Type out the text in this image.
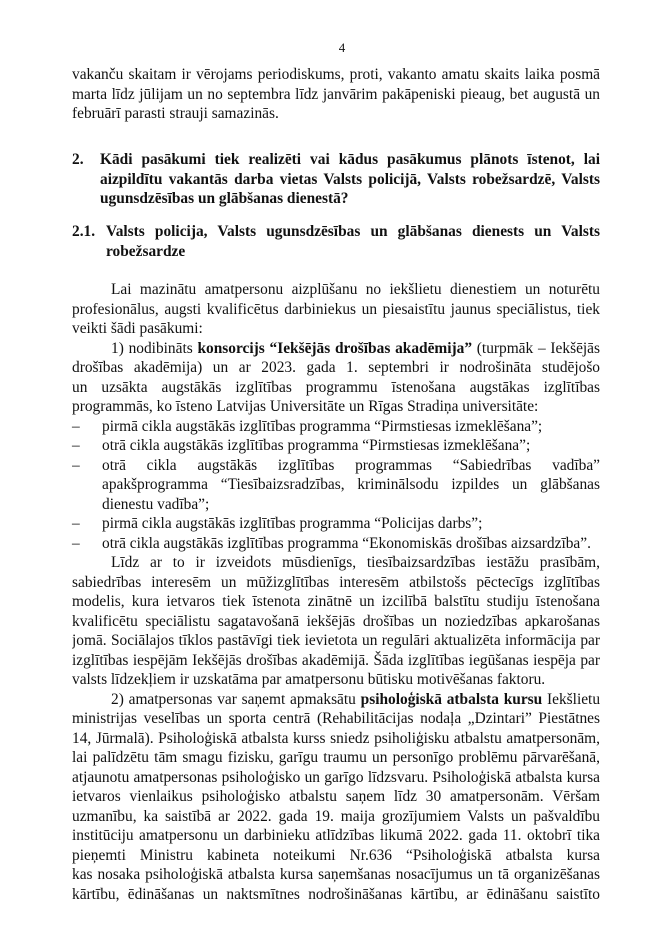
4
vakanču skaitam ir vērojams periodiskums, proti, vakanto amatu skaits laika posmā
marta līdz jūlijam un no septembra līdz janvārim pakāpeniski pieaug, bet augustā un
februārī parasti strauji samazinās.
2.	Kādi pasākumi tiek realizēti vai kādus pasākumus plānots īstenot, lai
aizpildītu vakantās darba vietas Valsts policijā, Valsts robežsardzē, Valsts
ugunsdzēsības un glābšanas dienestā?
2.1. Valsts policija, Valsts ugunsdzēsības un glābšanas dienests un Valsts
robežsardze
Lai mazinātu amatpersonu aizplūšanu no iekšlietu dienestiem un noturētu
profesionālus, augsti kvalificētus darbiniekus un piesaistītu jaunus speciālistus, tiek
veikti šādi pasākumi:
1) nodibināts konsorcijs “Iekšējās drošības akadēmija” (turpmāk – Iekšējās
drošības akadēmija) un ar 2023. gada 1. septembri ir nodrošināta studējošo
un uzsākta augstākās izglītības programmu īstenošana augstākas izglītības
programmās, ko īsteno Latvijas Universitāte un Rīgas Stradiņa universitāte:
– pirmā cikla augstākās izglītības programma “Pirmstiesas izmeklēšana”;
– otrā cikla augstākās izglītības programma “Pirmstiesas izmeklēšana”;
– otrā cikla augstākās izglītības programmas “Sabiedrības vadība”
apakšprogramma “Tiesībaizsradzības, kriminālsodu izpildes un glābšanas
dienestu vadība”;
– pirmā cikla augstākās izglītības programma “Policijas darbs”;
– otrā cikla augstākās izglītības programma “Ekonomiskās drošības aizsardzība”.
Līdz ar to ir izveidots mūsdienīgs, tiesībaizsardzības iestāžu prasībām,
sabiedrības interesēm un mūžizglītības interesēm atbilstošs pēctecīgs izglītības
modelis, kura ietvaros tiek īstenota zinātnē un izcilībā balstītu studiju īstenošana
kvalificētu speciālistu sagatavošanā iekšējās drošības un noziedzības apkarošanas
jomā. Sociālajos tīklos pastāvīgi tiek ievietota un regulāri aktualizēta informācija par
izglītības iespējām Iekšējās drošības akadēmijā. Šāda izglītības iegūšanas iespēja par
valsts līdzekļiem ir uzskatāma par amatpersonu būtisku motivēšanas faktoru.
2) amatpersonas var saņemt apmaksātu psiholoģiskā atbalsta kursu Iekšlietu
ministrijas veselības un sporta centrā (Rehabilitācijas nodaļa „Dzintari” Piestātnes
14, Jūrmalā). Psiholoģiskā atbalsta kurss sniedz psiholiģisku atbalstu amatpersonām,
lai palīdzētu tām smagu fizisku, garīgu traumu un personīgo problēmu pārvarēšanā,
atjaunotu amatpersonas psiholoģisko un garīgo līdzsvaru. Psiholoģiskā atbalsta kursa
ietvaros vienlaikus psiholoģisko atbalstu saņem līdz 30 amatpersonām. Vēršam
uzmanību, ka saistībā ar 2022. gada 19. maija grozījumiem Valsts un pašvaldību
institūciju amatpersonu un darbinieku atlīdzības likumā 2022. gada 11. oktobrī tika
pieņemti Ministru kabineta noteikumi Nr.636 “Psiholoģiskā atbalsta kursa
kas nosaka psiholoģiskā atbalsta kursa saņemšanas nosacījumus un tā organizēšanas
kārtību, ēdināšanas un naktsmītnes nodrošināšanas kārtību, ar ēdināšanu saistīto
